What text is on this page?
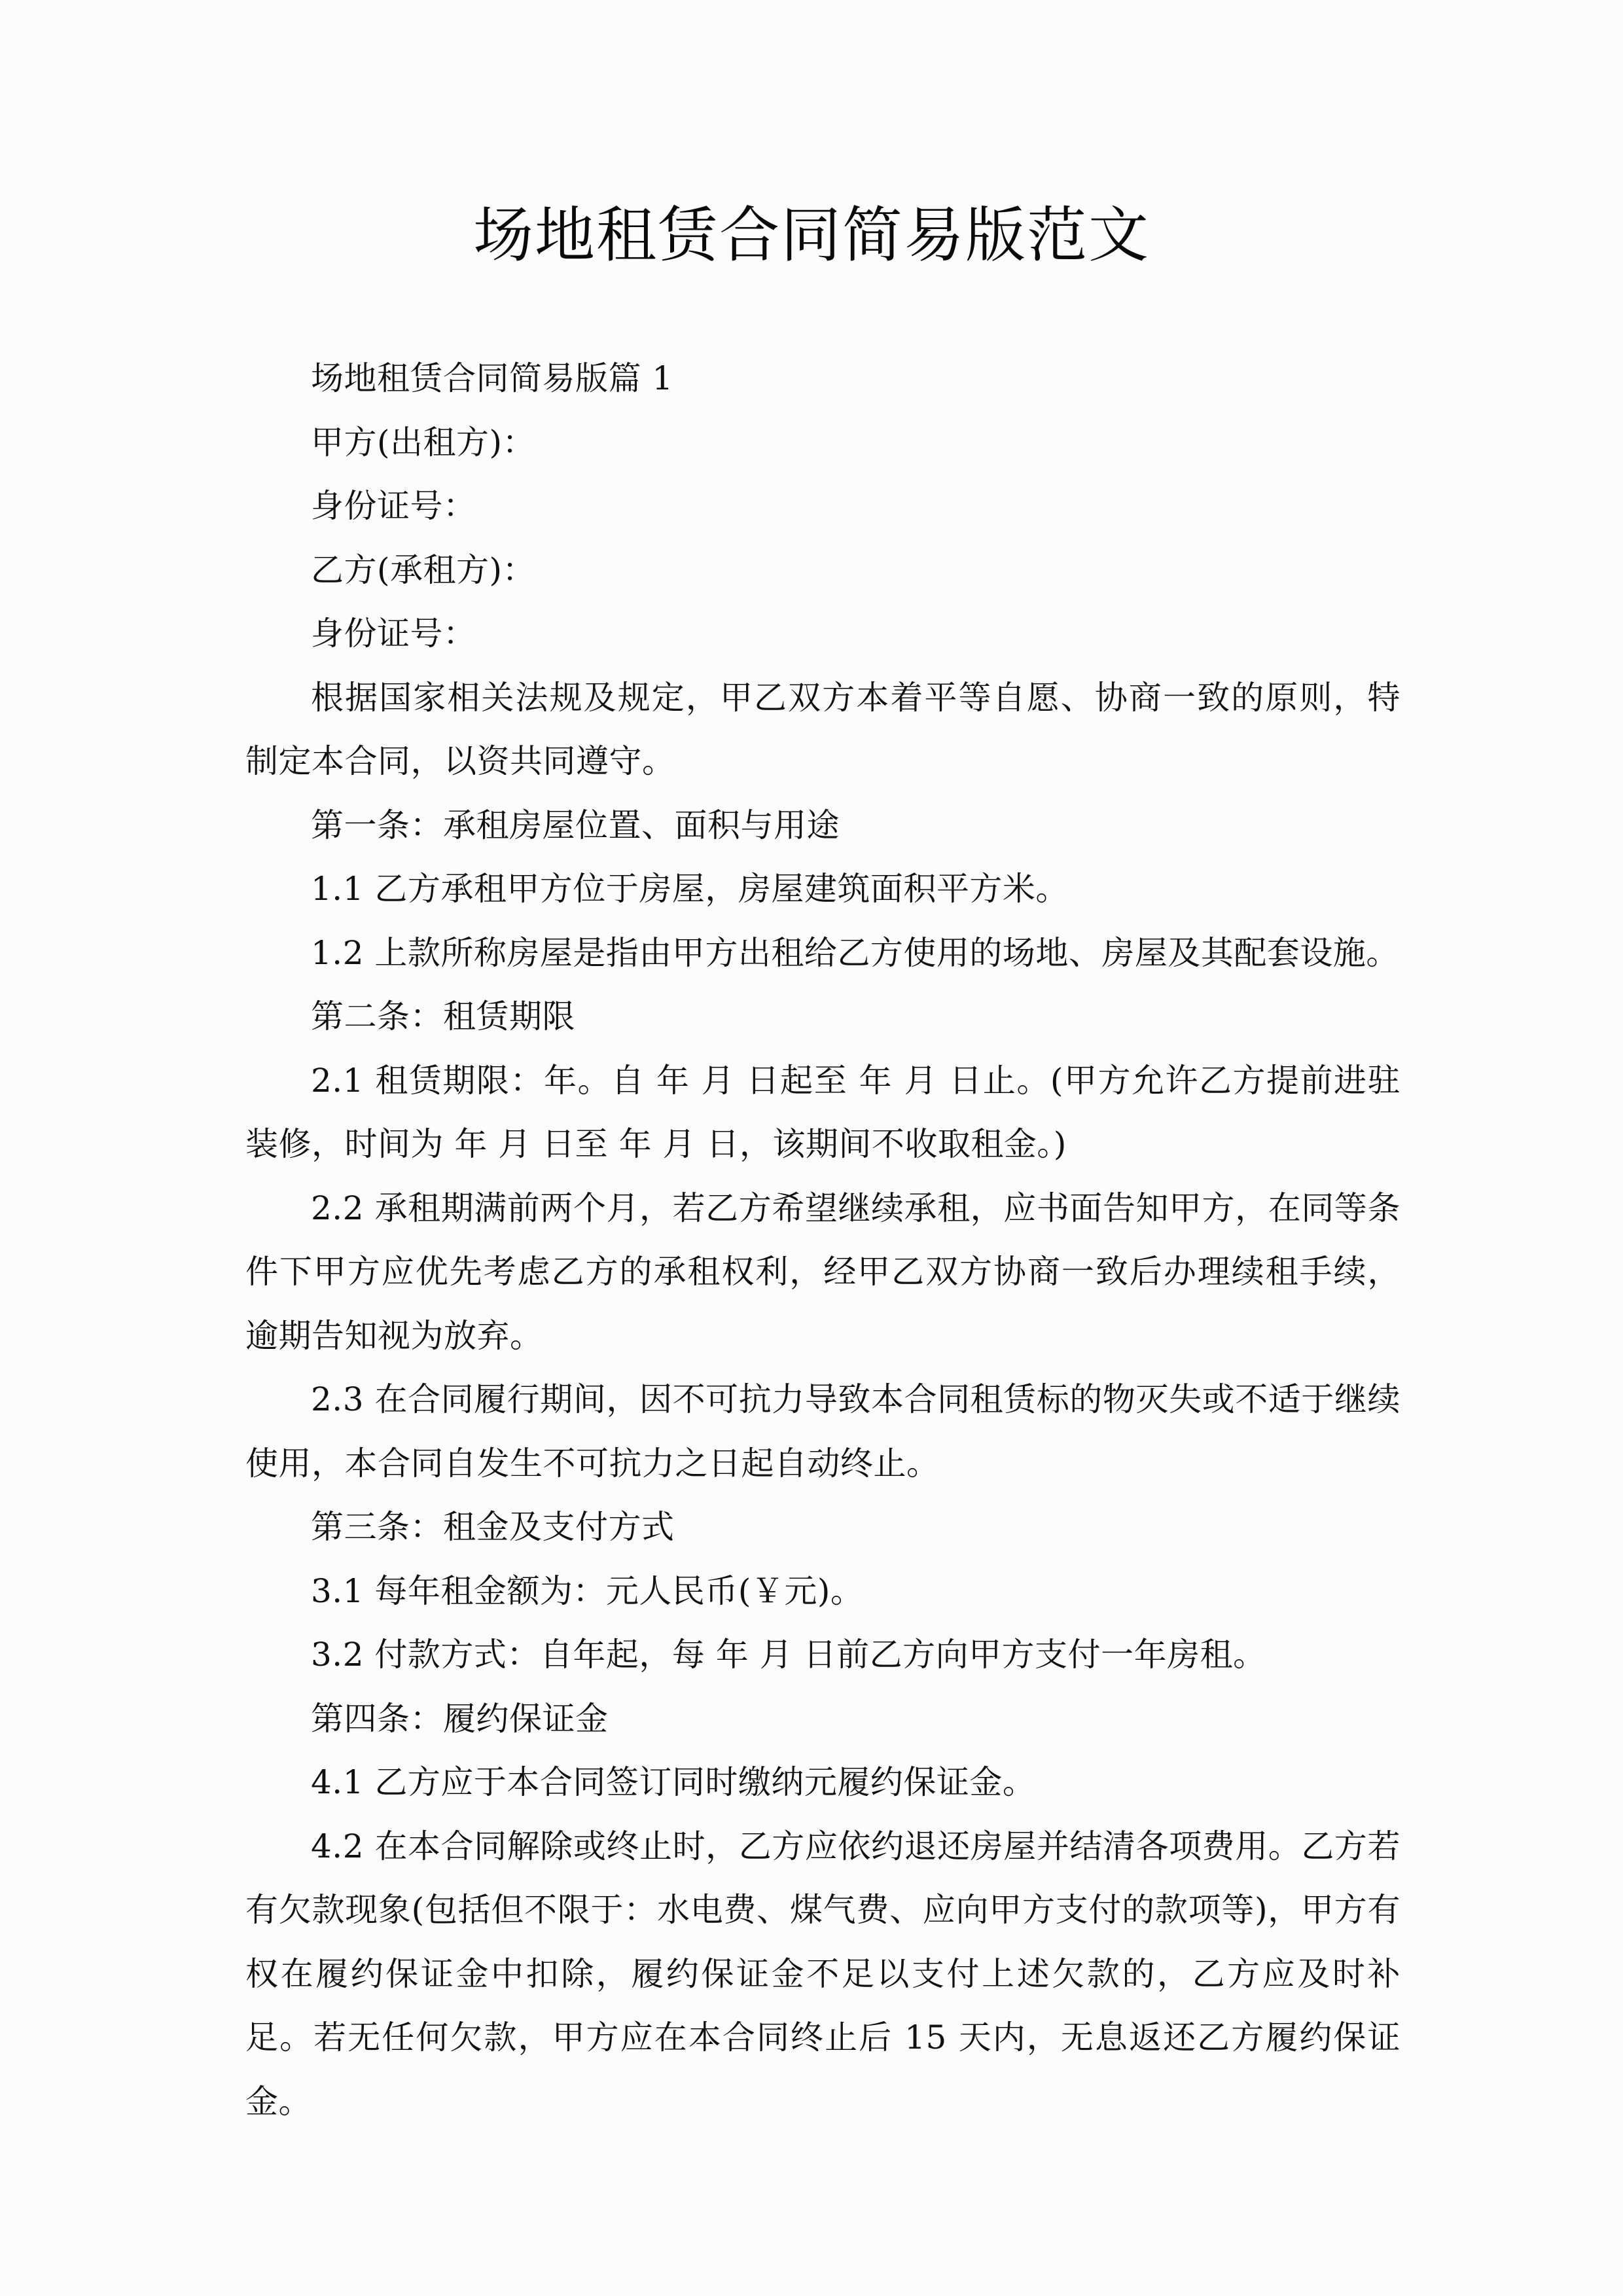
场地租赁合同简易版范文

场地租赁合同简易版篇 1

甲方(出租方)：

身份证号：

乙方(承租方)：

身份证号：

根据国家相关法规及规定，甲乙双方本着平等自愿、协商一致的原则，特制定本合同，以资共同遵守。

第一条：承租房屋位置、面积与用途

1.1 乙方承租甲方位于房屋，房屋建筑面积平方米。

1.2 上款所称房屋是指由甲方出租给乙方使用的场地、房屋及其配套设施。

第二条：租赁期限

2.1 租赁期限：年。自 年 月 日起至 年 月 日止。(甲方允许乙方提前进驻装修，时间为 年 月 日至 年 月 日，该期间不收取租金。)

2.2 承租期满前两个月，若乙方希望继续承租，应书面告知甲方，在同等条件下甲方应优先考虑乙方的承租权利，经甲乙双方协商一致后办理续租手续，逾期告知视为放弃。

2.3 在合同履行期间，因不可抗力导致本合同租赁标的物灭失或不适于继续使用，本合同自发生不可抗力之日起自动终止。

第三条：租金及支付方式

3.1 每年租金额为：元人民币(￥元)。

3.2 付款方式：自年起，每 年 月 日前乙方向甲方支付一年房租。

第四条：履约保证金

4.1 乙方应于本合同签订同时缴纳元履约保证金。

4.2 在本合同解除或终止时，乙方应依约退还房屋并结清各项费用。乙方若有欠款现象(包括但不限于：水电费、煤气费、应向甲方支付的款项等)，甲方有权在履约保证金中扣除，履约保证金不足以支付上述欠款的，乙方应及时补足。若无任何欠款，甲方应在本合同终止后 15 天内，无息返还乙方履约保证金。
